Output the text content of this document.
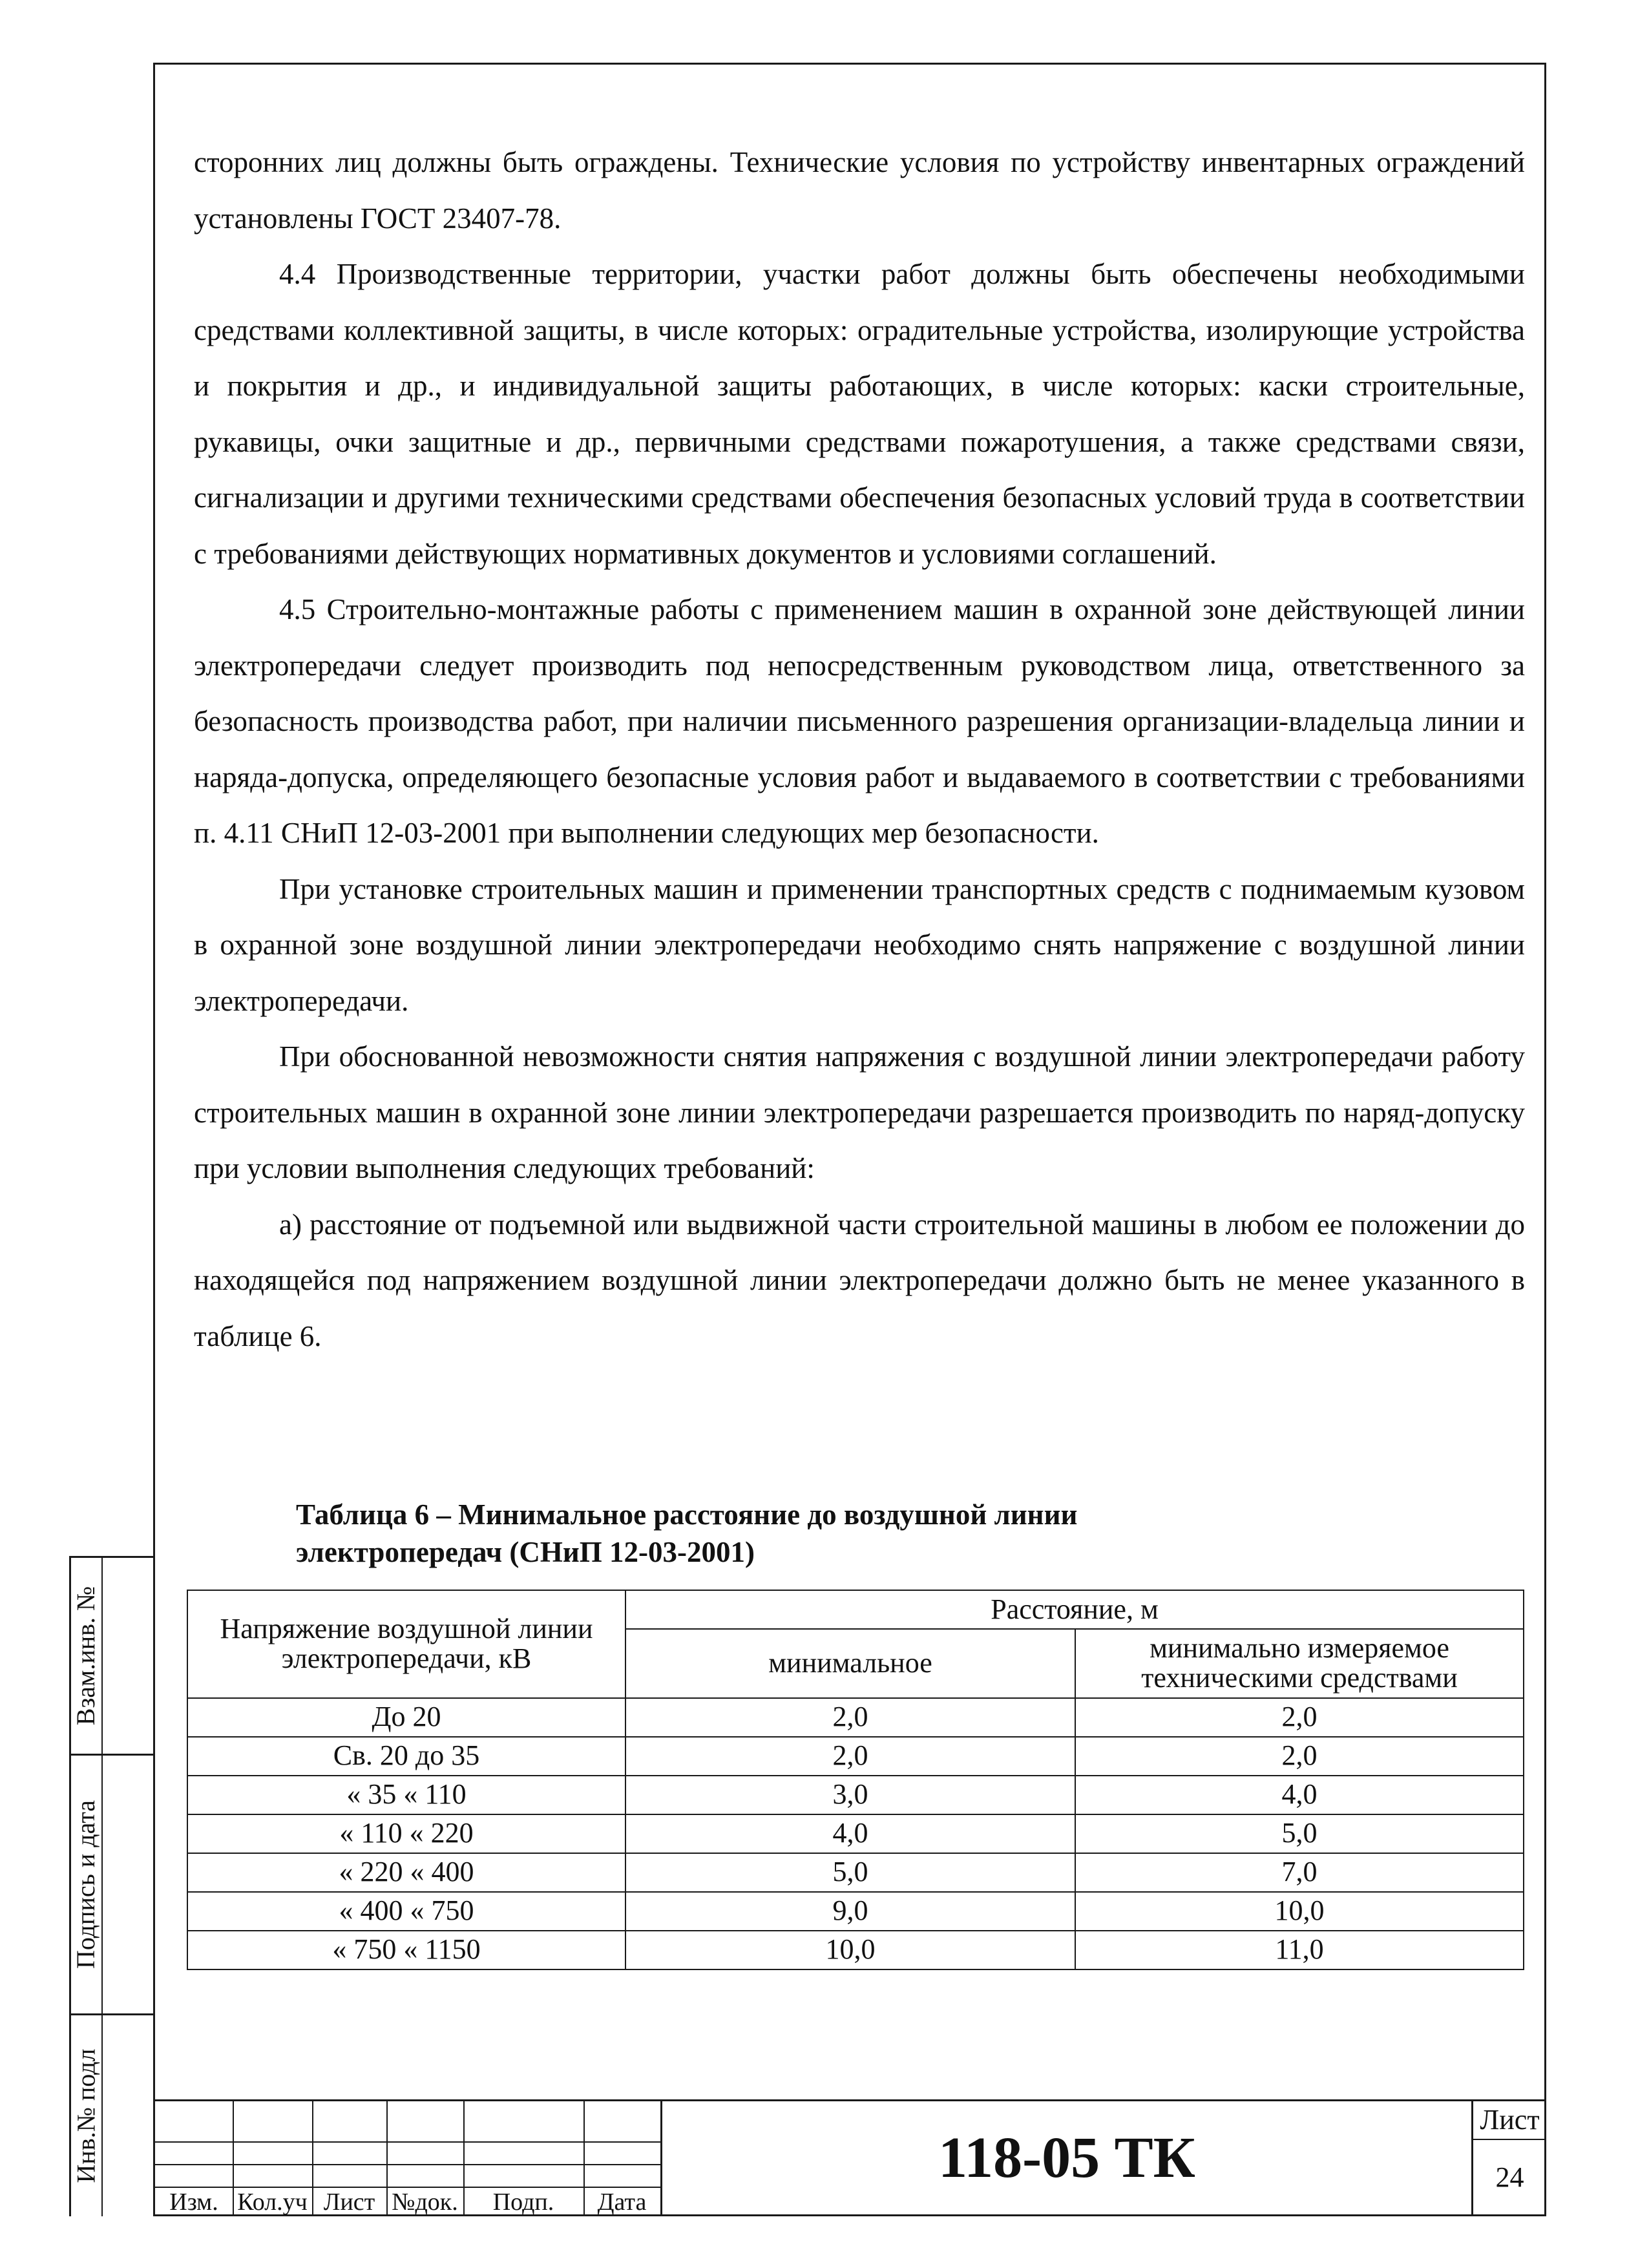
сторонних лиц должны быть ограждены. Технические условия по устройству инвентарных ограждений установлены ГОСТ 23407-78.

4.4 Производственные территории, участки работ должны быть обеспечены необходимыми средствами коллективной защиты, в числе которых: оградительные устройства, изолирующие устройства и покрытия и др., и индивидуальной защиты работающих, в числе которых: каски строительные, рукавицы, очки защитные и др., первичными средствами пожаротушения, а также средствами связи, сигнализации и другими техническими средствами обеспечения безопасных условий труда в соответствии с требованиями действующих нормативных документов и условиями соглашений.

4.5 Строительно-монтажные работы с применением машин в охранной зоне действующей линии электропередачи следует производить под непосредственным руководством лица, ответственного за безопасность производства работ, при наличии письменного разрешения организации-владельца линии и наряда-допуска, определяющего безопасные условия работ и выдаваемого в соответствии с требованиями п. 4.11 СНиП 12-03-2001 при выполнении следующих мер безопасности.

При установке строительных машин и применении транспортных средств с поднимаемым кузовом в охранной зоне воздушной линии электропередачи необходимо снять напряжение с воздушной линии электропередачи.

При обоснованной невозможности снятия напряжения с воздушной линии электропередачи работу строительных машин в охранной зоне линии электропередачи разрешается производить по наряд-допуску при условии выполнения следующих требований:

а) расстояние от подъемной или выдвижной части строительной машины в любом ее положении до находящейся под напряжением воздушной линии электропередачи должно быть не менее указанного в таблице 6.

Таблица 6 – Минимальное расстояние до воздушной линии
электропередач (СНиП 12-03-2001)
Напряжение воздушной линии электропередачи, кВ	Расстояние, м	
	минимальное	минимально измеряемое техническими средствами
До 20	2,0	2,0
Св. 20 до 35	2,0	2,0
« 35 « 110	3,0	4,0
« 110 « 220	4,0	5,0
« 220 « 400	5,0	7,0
« 400 « 750	9,0	10,0
« 750 « 1150	10,0	11,0
Взам.инв. №
Подпись и дата
Инв.№ подл
Изм. Кол.уч Лист №док.	Подп.	Дата
118-05 ТК
Лист
24
